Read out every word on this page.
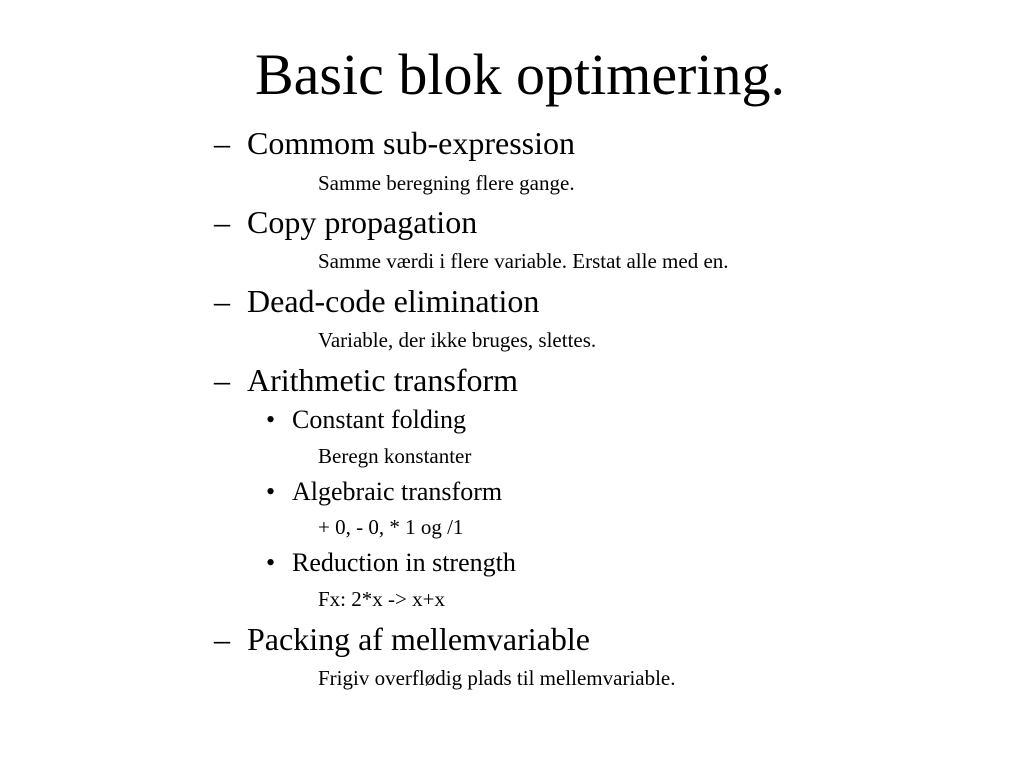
Basic blok optimering.
– Commom sub-expression
Samme beregning flere gange.
– Copy propagation
Samme værdi i flere variable. Erstat alle med en.
– Dead-code elimination
Variable, der ikke bruges, slettes.
– Arithmetic transform
• Constant folding
Beregn konstanter
• Algebraic transform
+ 0, - 0, * 1 og /1
• Reduction in strength
Fx: 2*x -> x+x
– Packing af mellemvariable
Frigiv overflødig plads til mellemvariable.
